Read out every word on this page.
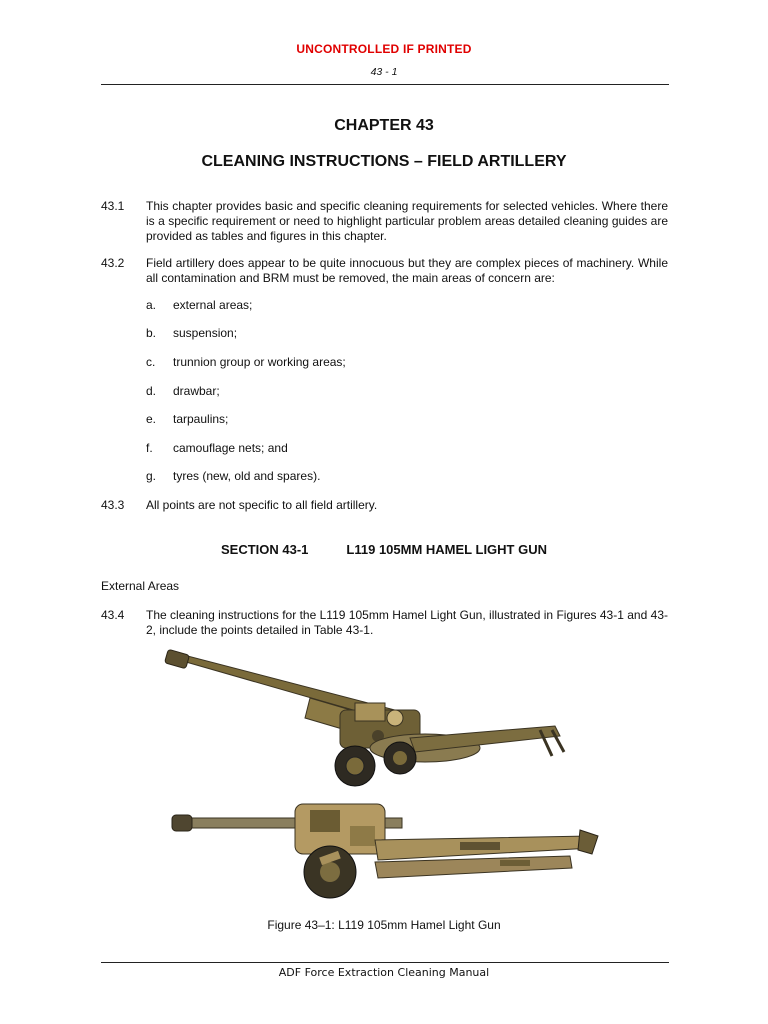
UNCONTROLLED IF PRINTED
43 - 1
CHAPTER 43
CLEANING INSTRUCTIONS – FIELD ARTILLERY
43.1	This chapter provides basic and specific cleaning requirements for selected vehicles. Where there is a specific requirement or need to highlight particular problem areas detailed cleaning guides are provided as tables and figures in this chapter.
43.2	Field artillery does appear to be quite innocuous but they are complex pieces of machinery. While all contamination and BRM must be removed, the main areas of concern are:
a. external areas;
b. suspension;
c. trunnion group or working areas;
d. drawbar;
e. tarpaulins;
f. camouflage nets; and
g. tyres (new, old and spares).
43.3	All points are not specific to all field artillery.
SECTION 43-1	L119 105MM HAMEL LIGHT GUN
External Areas
43.4	The cleaning instructions for the L119 105mm Hamel Light Gun, illustrated in Figures 43-1 and 43-2, include the points detailed in Table 43-1.
Figure 43–1: L119 105mm Hamel Light Gun
ADF Force Extraction Cleaning Manual
